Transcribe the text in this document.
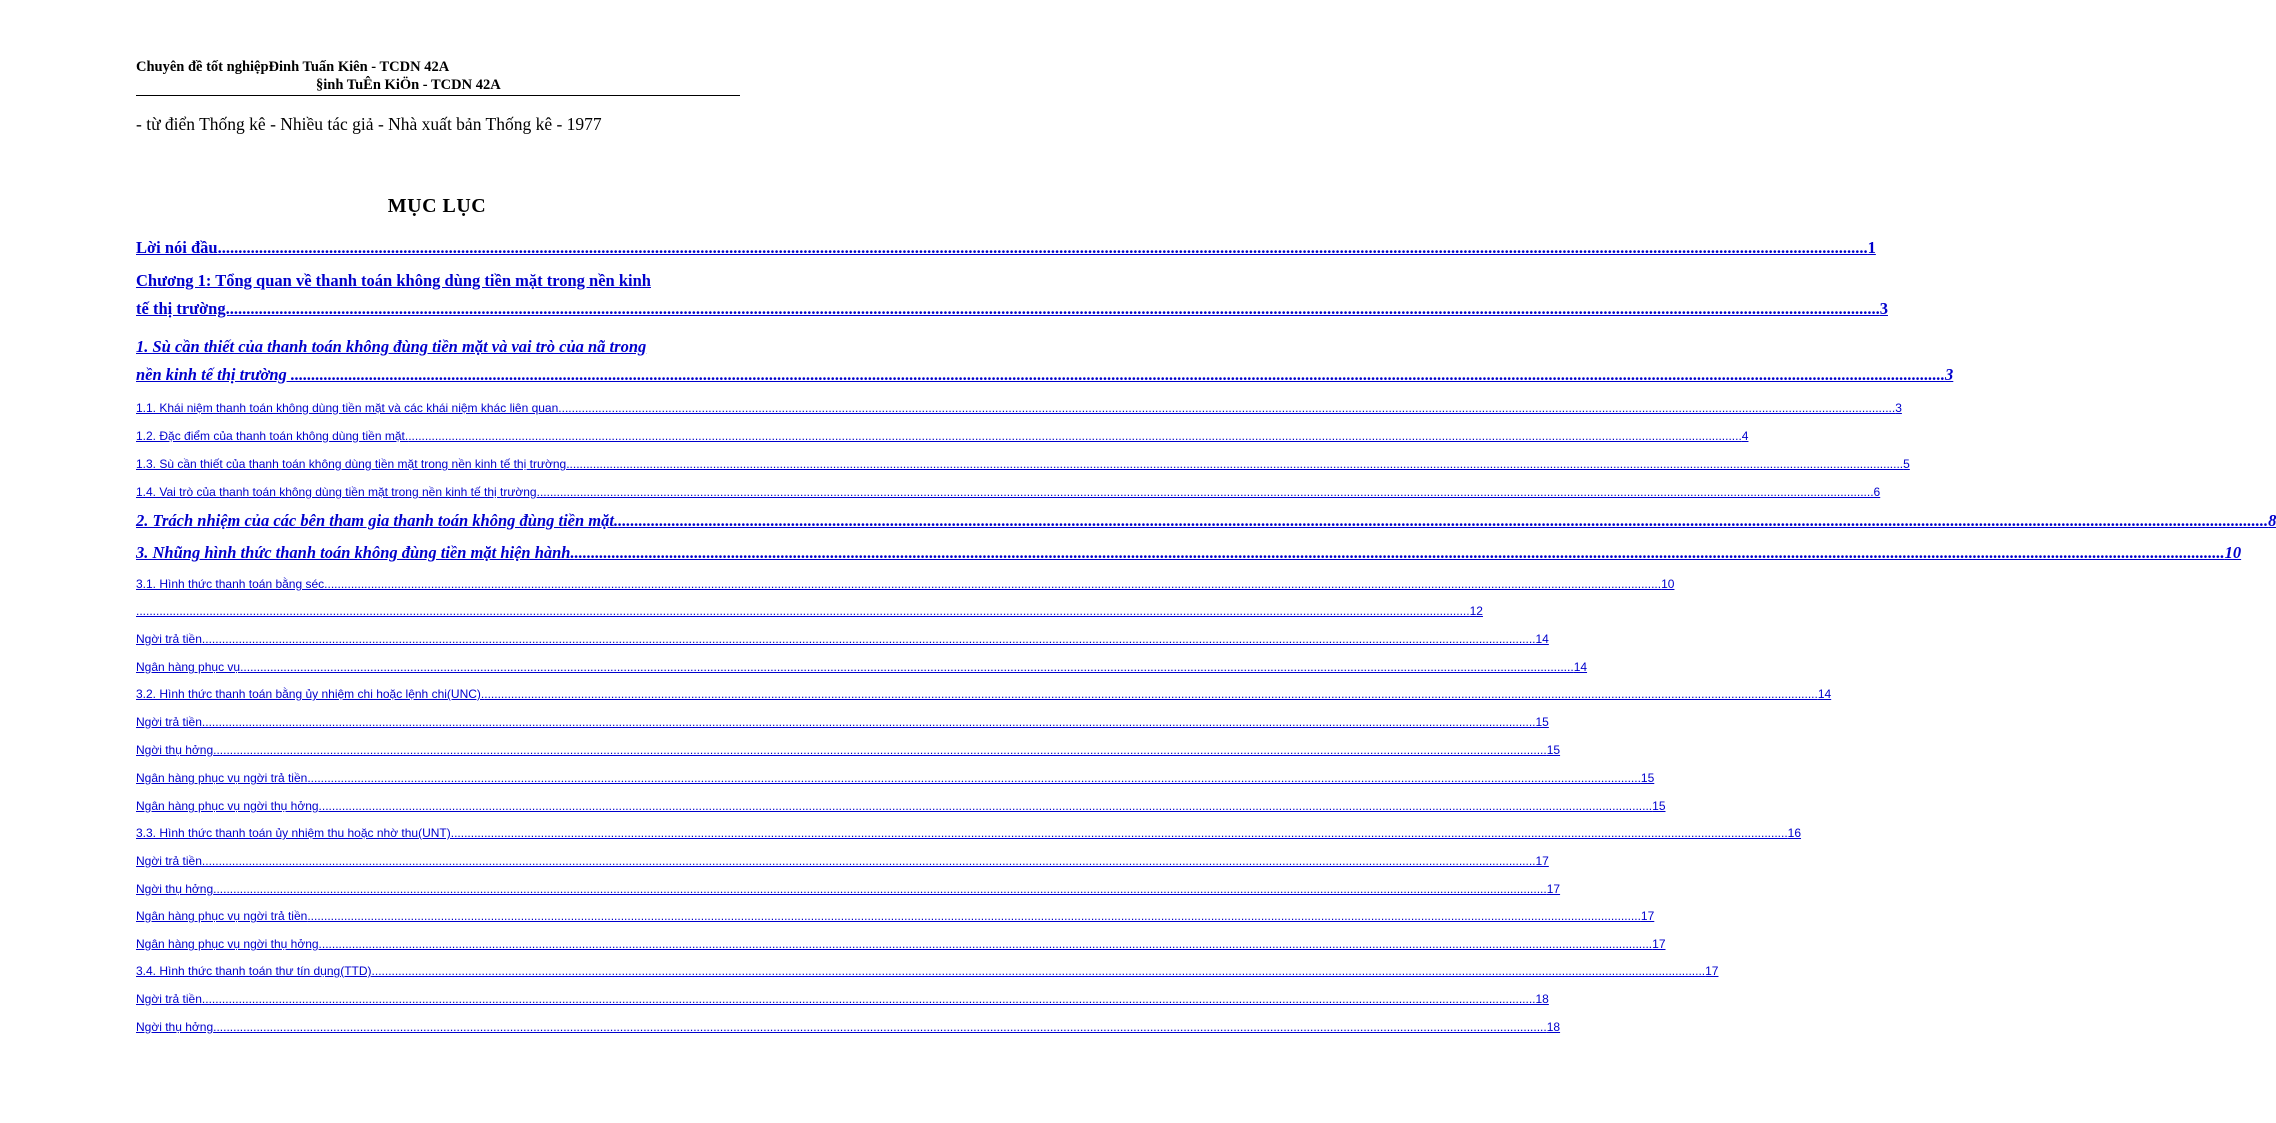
Chuyên đề tốt nghiệpĐinh Tuấn Kiên - TCDN 42A
§inh TuÊn KiÖn - TCDN 42A
- từ điển Thống kê - Nhiều tác giả - Nhà xuất bản Thống kê - 1977
MỤC LỤC
Lời nói đầu ................................................................................................................................................................................................................................................................................................................................................................................................................ 1
Chương 1: Tổng quan về thanh toán không dùng tiền mặt trong nền kinh
tế thị trường. ................................................................................................................................................................................................................................................................................................................................................................................................................ 3
1. Sù cần thiết của thanh toán không đùng tiền mặt và vai trò của nã trong
nền kinh tế thị trường . ................................................................................................................................................................................................................................................................................................................................................................................................................ 3
1.1. Khái niệm thanh toán không dùng tiền mặt và các khái niệm khác liên quan. ................................................................................................................................................................................................................................................................................................................................................................................................................ 3
1.2. Đặc điểm của thanh toán không dùng tiền mặt. ................................................................................................................................................................................................................................................................................................................................................................................................................ 4
1.3. Sù cần thiết của thanh toán không dùng tiền mặt trong nền kinh tế thị trường. ................................................................................................................................................................................................................................................................................................................................................................................................................ 5
1.4. Vai trò của thanh toán không dùng tiền mặt trong nền kinh tế thị trường. ................................................................................................................................................................................................................................................................................................................................................................................................................ 6
2. Trách nhiệm của các bên tham gia thanh toán không đùng tiền mặt. ................................................................................................................................................................................................................................................................................................................................................................................................................ 8
3. Nhũng hình thức thanh toán không đùng tiền mặt hiện hành. ................................................................................................................................................................................................................................................................................................................................................................................................................ 10
3.1. Hình thức thanh toán bằng séc. ................................................................................................................................................................................................................................................................................................................................................................................................................ 10
................................................................................................................................................................................................................................................................................................................................................................................................................ 12
Ngời trả tiền ................................................................................................................................................................................................................................................................................................................................................................................................................ 14
Ngân hàng phục vụ ................................................................................................................................................................................................................................................................................................................................................................................................................ 14
3.2. Hình thức thanh toán bằng ủy nhiệm chi hoặc lệnh chi(UNC). ................................................................................................................................................................................................................................................................................................................................................................................................................ 14
Ngời trả tiền ................................................................................................................................................................................................................................................................................................................................................................................................................ 15
Ngời thụ hởng ................................................................................................................................................................................................................................................................................................................................................................................................................ 15
Ngân hàng phục vụ ngời trả tiền ................................................................................................................................................................................................................................................................................................................................................................................................................ 15
Ngân hàng phục vụ ngời thụ hởng ................................................................................................................................................................................................................................................................................................................................................................................................................ 15
3.3. Hình thức thanh toán ủy nhiệm thu hoặc nhờ thu(UNT). ................................................................................................................................................................................................................................................................................................................................................................................................................ 16
Ngời trả tiền ................................................................................................................................................................................................................................................................................................................................................................................................................ 17
Ngời thụ hởng ................................................................................................................................................................................................................................................................................................................................................................................................................ 17
Ngân hàng phục vụ ngời trả tiền ................................................................................................................................................................................................................................................................................................................................................................................................................ 17
Ngân hàng phục vụ ngời thụ hởng ................................................................................................................................................................................................................................................................................................................................................................................................................ 17
3.4. Hình thức thanh toán thư tín dụng(TTD) ................................................................................................................................................................................................................................................................................................................................................................................................................ 17
Ngời trả tiền ................................................................................................................................................................................................................................................................................................................................................................................................................ 18
Ngời thụ hởng ................................................................................................................................................................................................................................................................................................................................................................................................................ 18
